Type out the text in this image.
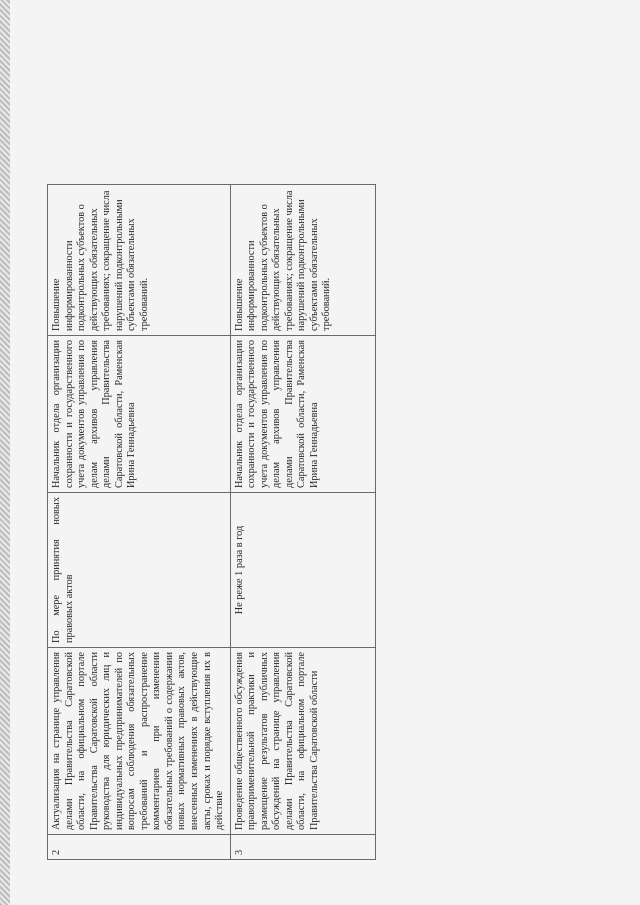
2	Актуализация на странице управления делами Правительства Саратовской области, на официальном портале Правительства Саратовской области руководства для юридических лиц и индивидуальных предпринимателей по вопросам соблюдения обязательных требований и распространение комментариев при изменении обязательных требований о содержании новых нормативных правовых актов, внесенных изменениях в действующие акты, сроках и порядке вступления их в действие	По мере принятия новых правовых актов	Начальник отдела организации сохранности и государственного учета документов управления по делам архивов управления делами Правительства Саратовской области, Раменская Ирина Геннадьевна	Повышение информированности подконтрольных субъектов о действующих обязательных требованиях; сокращение числа нарушений подконтрольными субъектами обязательных требований.
3	Проведение общественного обсуждения правоприменительной практики и размещение результатов публичных обсуждений на странице управления делами Правительства Саратовской области, на официальном портале Правительства Саратовской области	Не реже 1 раза в год	Начальник отдела организации сохранности и государственного учета документов управления по делам архивов управления делами Правительства Саратовской области, Раменская Ирина Геннадьевна	Повышение информированности подконтрольных субъектов о действующих обязательных требованиях; сокращение числа нарушений подконтрольными субъектами обязательных требований.
